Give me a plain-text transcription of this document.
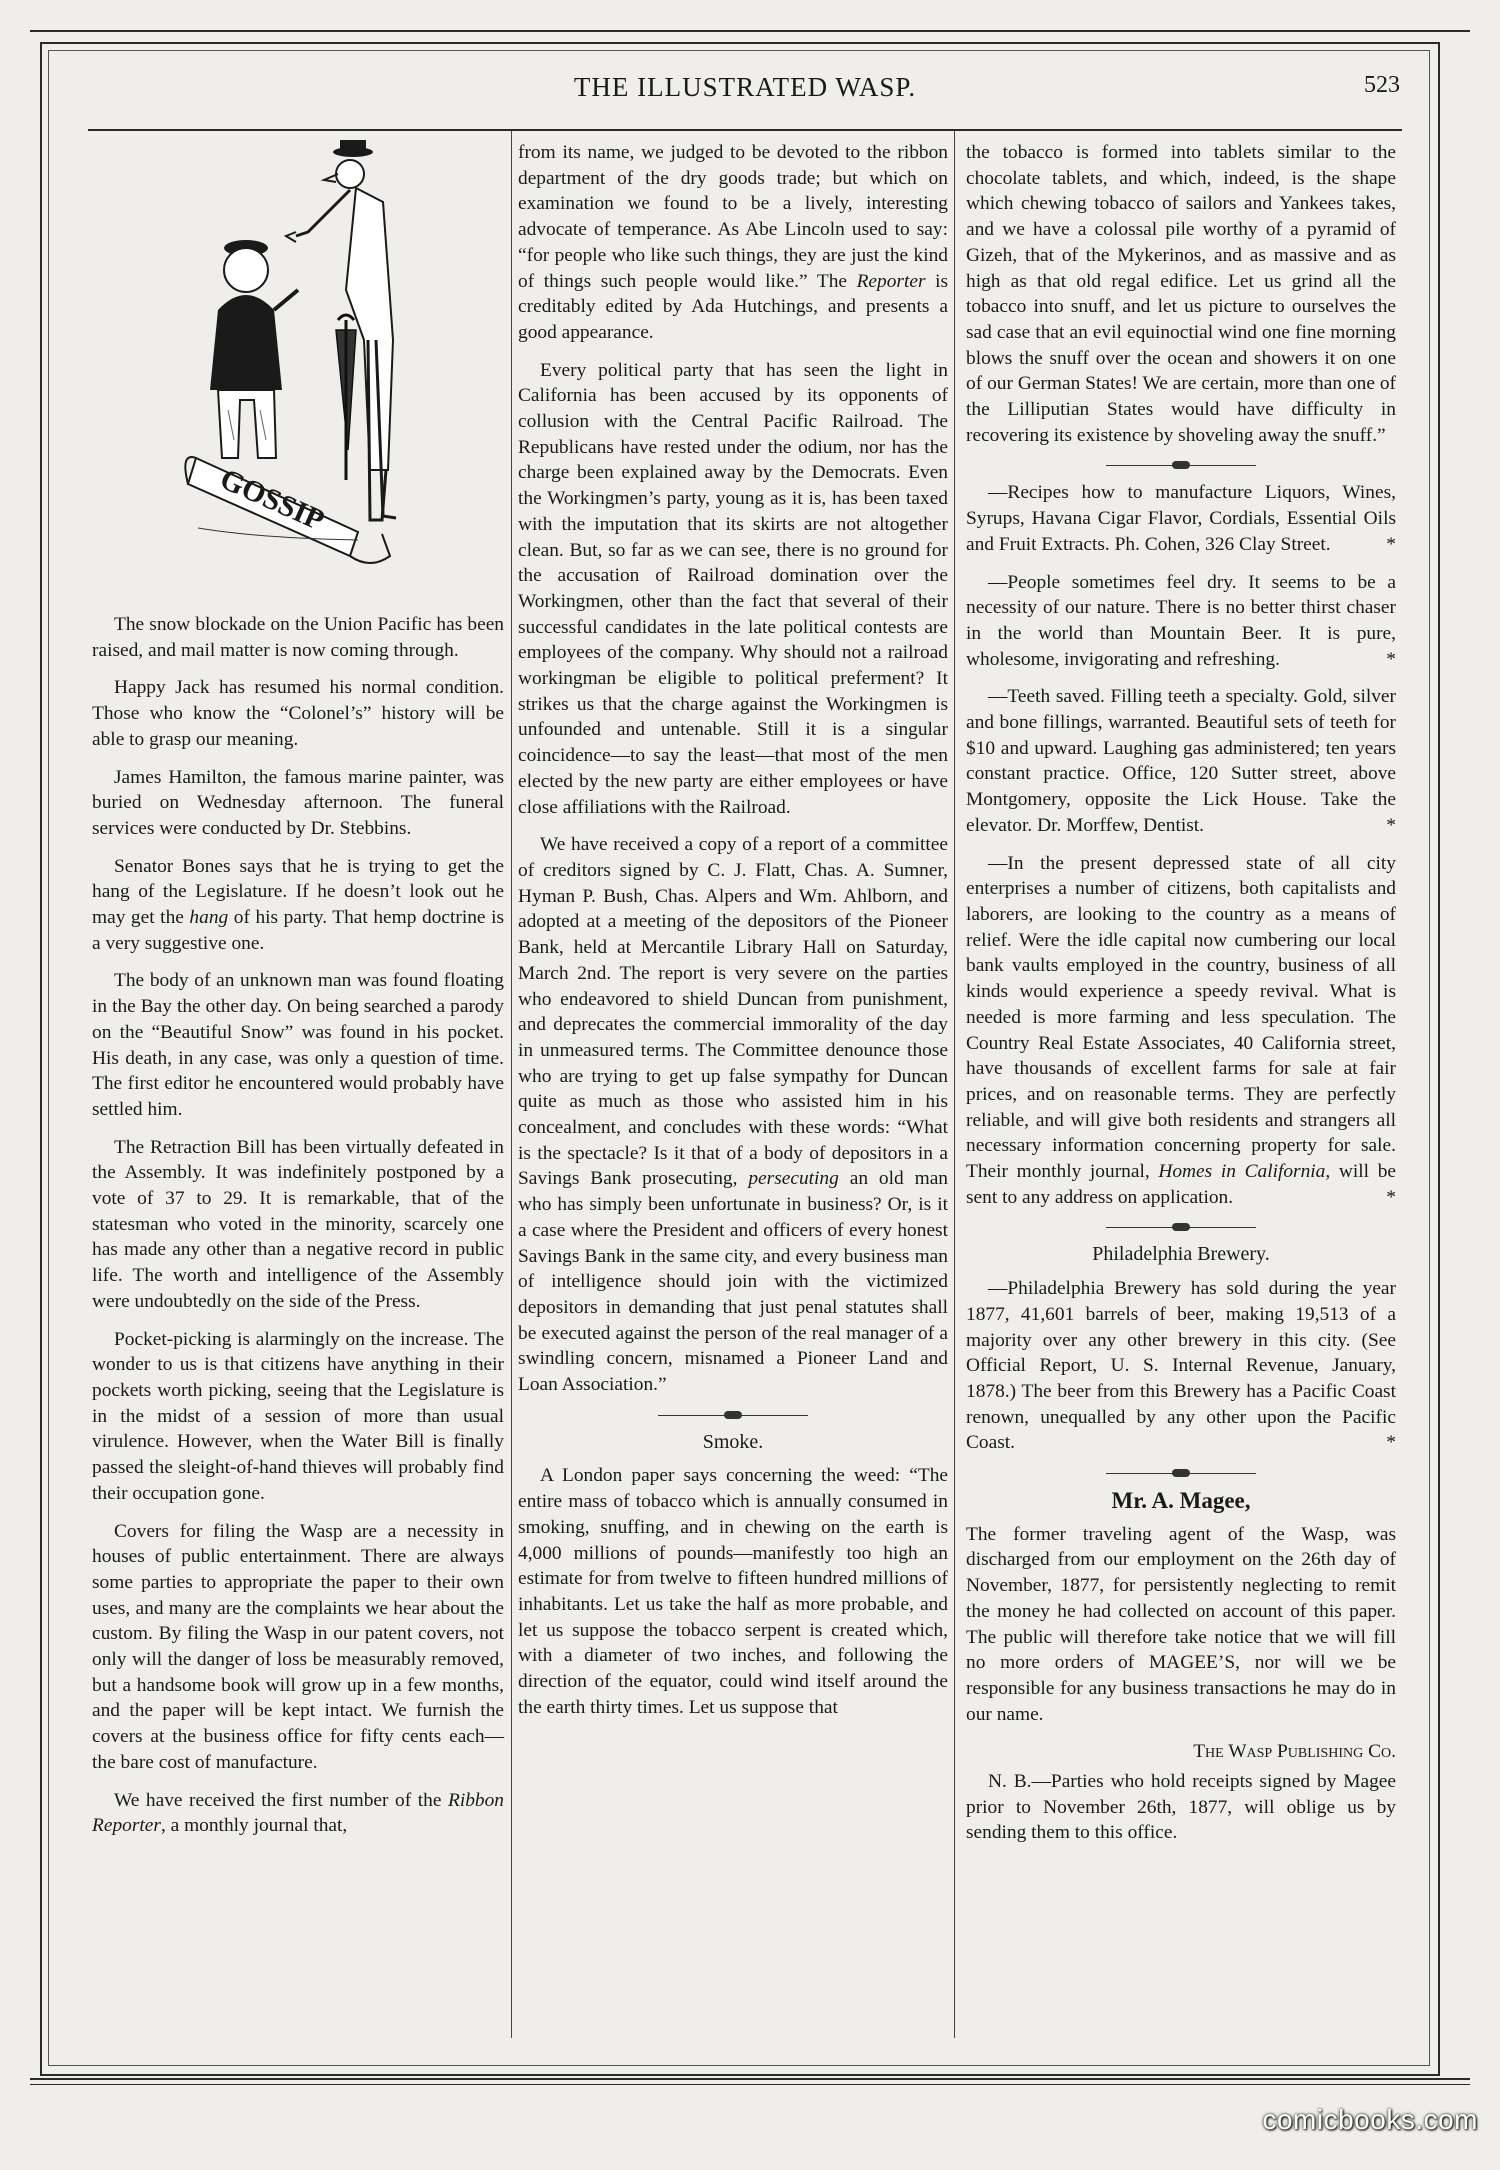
THE ILLUSTRATED WASP.	523
GOSSIP

The snow blockade on the Union Pacific has been raised, and mail matter is now coming through.

Happy Jack has resumed his normal condition. Those who know the “Colonel’s” history will be able to grasp our meaning.

James Hamilton, the famous marine painter, was buried on Wednesday afternoon. The funeral services were conducted by Dr. Stebbins.

Senator Bones says that he is trying to get the hang of the Legislature. If he doesn’t look out he may get the hang of his party. That hemp doctrine is a very suggestive one.

The body of an unknown man was found floating in the Bay the other day. On being searched a parody on the “Beautiful Snow” was found in his pocket. His death, in any case, was only a question of time. The first editor he encountered would probably have settled him.

The Retraction Bill has been virtually defeated in the Assembly. It was indefinitely postponed by a vote of 37 to 29. It is remarkable, that of the statesman who voted in the minority, scarcely one has made any other than a negative record in public life. The worth and intelligence of the Assembly were undoubtedly on the side of the Press.

Pocket-picking is alarmingly on the increase. The wonder to us is that citizens have anything in their pockets worth picking, seeing that the Legislature is in the midst of a session of more than usual virulence. However, when the Water Bill is finally passed the sleight-of-hand thieves will probably find their occupation gone.

Covers for filing the Wasp are a necessity in houses of public entertainment. There are always some parties to appropriate the paper to their own uses, and many are the complaints we hear about the custom. By filing the Wasp in our patent covers, not only will the danger of loss be measurably removed, but a handsome book will grow up in a few months, and the paper will be kept intact. We furnish the covers at the business office for fifty cents each—the bare cost of manufacture.

We have received the first number of the Ribbon Reporter, a monthly journal that,

from its name, we judged to be devoted to the ribbon department of the dry goods trade; but which on examination we found to be a lively, interesting advocate of temperance. As Abe Lincoln used to say: “for people who like such things, they are just the kind of things such people would like.” The Reporter is creditably edited by Ada Hutchings, and presents a good appearance.

Every political party that has seen the light in California has been accused by its opponents of collusion with the Central Pacific Railroad. The Republicans have rested under the odium, nor has the charge been explained away by the Democrats. Even the Workingmen’s party, young as it is, has been taxed with the imputation that its skirts are not altogether clean. But, so far as we can see, there is no ground for the accusation of Railroad domination over the Workingmen, other than the fact that several of their successful candidates in the late political contests are employees of the company. Why should not a railroad workingman be eligible to political preferment? It strikes us that the charge against the Workingmen is unfounded and untenable. Still it is a singular coincidence—to say the least—that most of the men elected by the new party are either employees or have close affiliations with the Railroad.

We have received a copy of a report of a committee of creditors signed by C. J. Flatt, Chas. A. Sumner, Hyman P. Bush, Chas. Alpers and Wm. Ahlborn, and adopted at a meeting of the depositors of the Pioneer Bank, held at Mercantile Library Hall on Saturday, March 2nd. The report is very severe on the parties who endeavored to shield Duncan from punishment, and deprecates the commercial immorality of the day in unmeasured terms. The Committee denounce those who are trying to get up false sympathy for Duncan quite as much as those who assisted him in his concealment, and concludes with these words: “What is the spectacle? Is it that of a body of depositors in a Savings Bank prosecuting, persecuting an old man who has simply been unfortunate in business? Or, is it a case where the President and officers of every honest Savings Bank in the same city, and every business man of intelligence should join with the victimized depositors in demanding that just penal statutes shall be executed against the person of the real manager of a swindling concern, misnamed a Pioneer Land and Loan Association.”

Smoke.

A London paper says concerning the weed: “The entire mass of tobacco which is annually consumed in smoking, snuffing, and in chewing on the earth is 4,000 millions of pounds—manifestly too high an estimate for from twelve to fifteen hundred millions of inhabitants. Let us take the half as more probable, and let us suppose the tobacco serpent is created which, with a diameter of two inches, and following the direction of the equator, could wind itself around the the earth thirty times. Let us suppose that

the tobacco is formed into tablets similar to the chocolate tablets, and which, indeed, is the shape which chewing tobacco of sailors and Yankees takes, and we have a colossal pile worthy of a pyramid of Gizeh, that of the Mykerinos, and as massive and as high as that old regal edifice. Let us grind all the tobacco into snuff, and let us picture to ourselves the sad case that an evil equinoctial wind one fine morning blows the snuff over the ocean and showers it on one of our German States! We are certain, more than one of the Lilliputian States would have difficulty in recovering its existence by shoveling away the snuff.”

—Recipes how to manufacture Liquors, Wines, Syrups, Havana Cigar Flavor, Cordials, Essential Oils and Fruit Extracts. Ph. Cohen, 326 Clay Street.	*

—People sometimes feel dry. It seems to be a necessity of our nature. There is no better thirst chaser in the world than Mountain Beer. It is pure, wholesome, invigorating and refreshing.	*

—Teeth saved. Filling teeth a specialty. Gold, silver and bone fillings, warranted. Beautiful sets of teeth for $10 and upward. Laughing gas administered; ten years constant practice. Office, 120 Sutter street, above Montgomery, opposite the Lick House. Take the elevator. Dr. Morffew, Dentist.	*

—In the present depressed state of all city enterprises a number of citizens, both capitalists and laborers, are looking to the country as a means of relief. Were the idle capital now cumbering our local bank vaults employed in the country, business of all kinds would experience a speedy revival. What is needed is more farming and less speculation. The Country Real Estate Associates, 40 California street, have thousands of excellent farms for sale at fair prices, and on reasonable terms. They are perfectly reliable, and will give both residents and strangers all necessary information concerning property for sale. Their monthly journal, Homes in California, will be sent to any address on application.	*

Philadelphia Brewery.

—Philadelphia Brewery has sold during the year 1877, 41,601 barrels of beer, making 19,513 of a majority over any other brewery in this city. (See Official Report, U. S. Internal Revenue, January, 1878.) The beer from this Brewery has a Pacific Coast renown, unequalled by any other upon the Pacific Coast.	*

Mr. A. Magee,

The former traveling agent of the Wasp, was discharged from our employment on the 26th day of November, 1877, for persistently neglecting to remit the money he had collected on account of this paper. The public will therefore take notice that we will fill no more orders of MAGEE’S, nor will we be responsible for any business transactions he may do in our name.

The Wasp Publishing Co.

N. B.—Parties who hold receipts signed by Magee prior to November 26th, 1877, will oblige us by sending them to this office.

comicbooks.com
